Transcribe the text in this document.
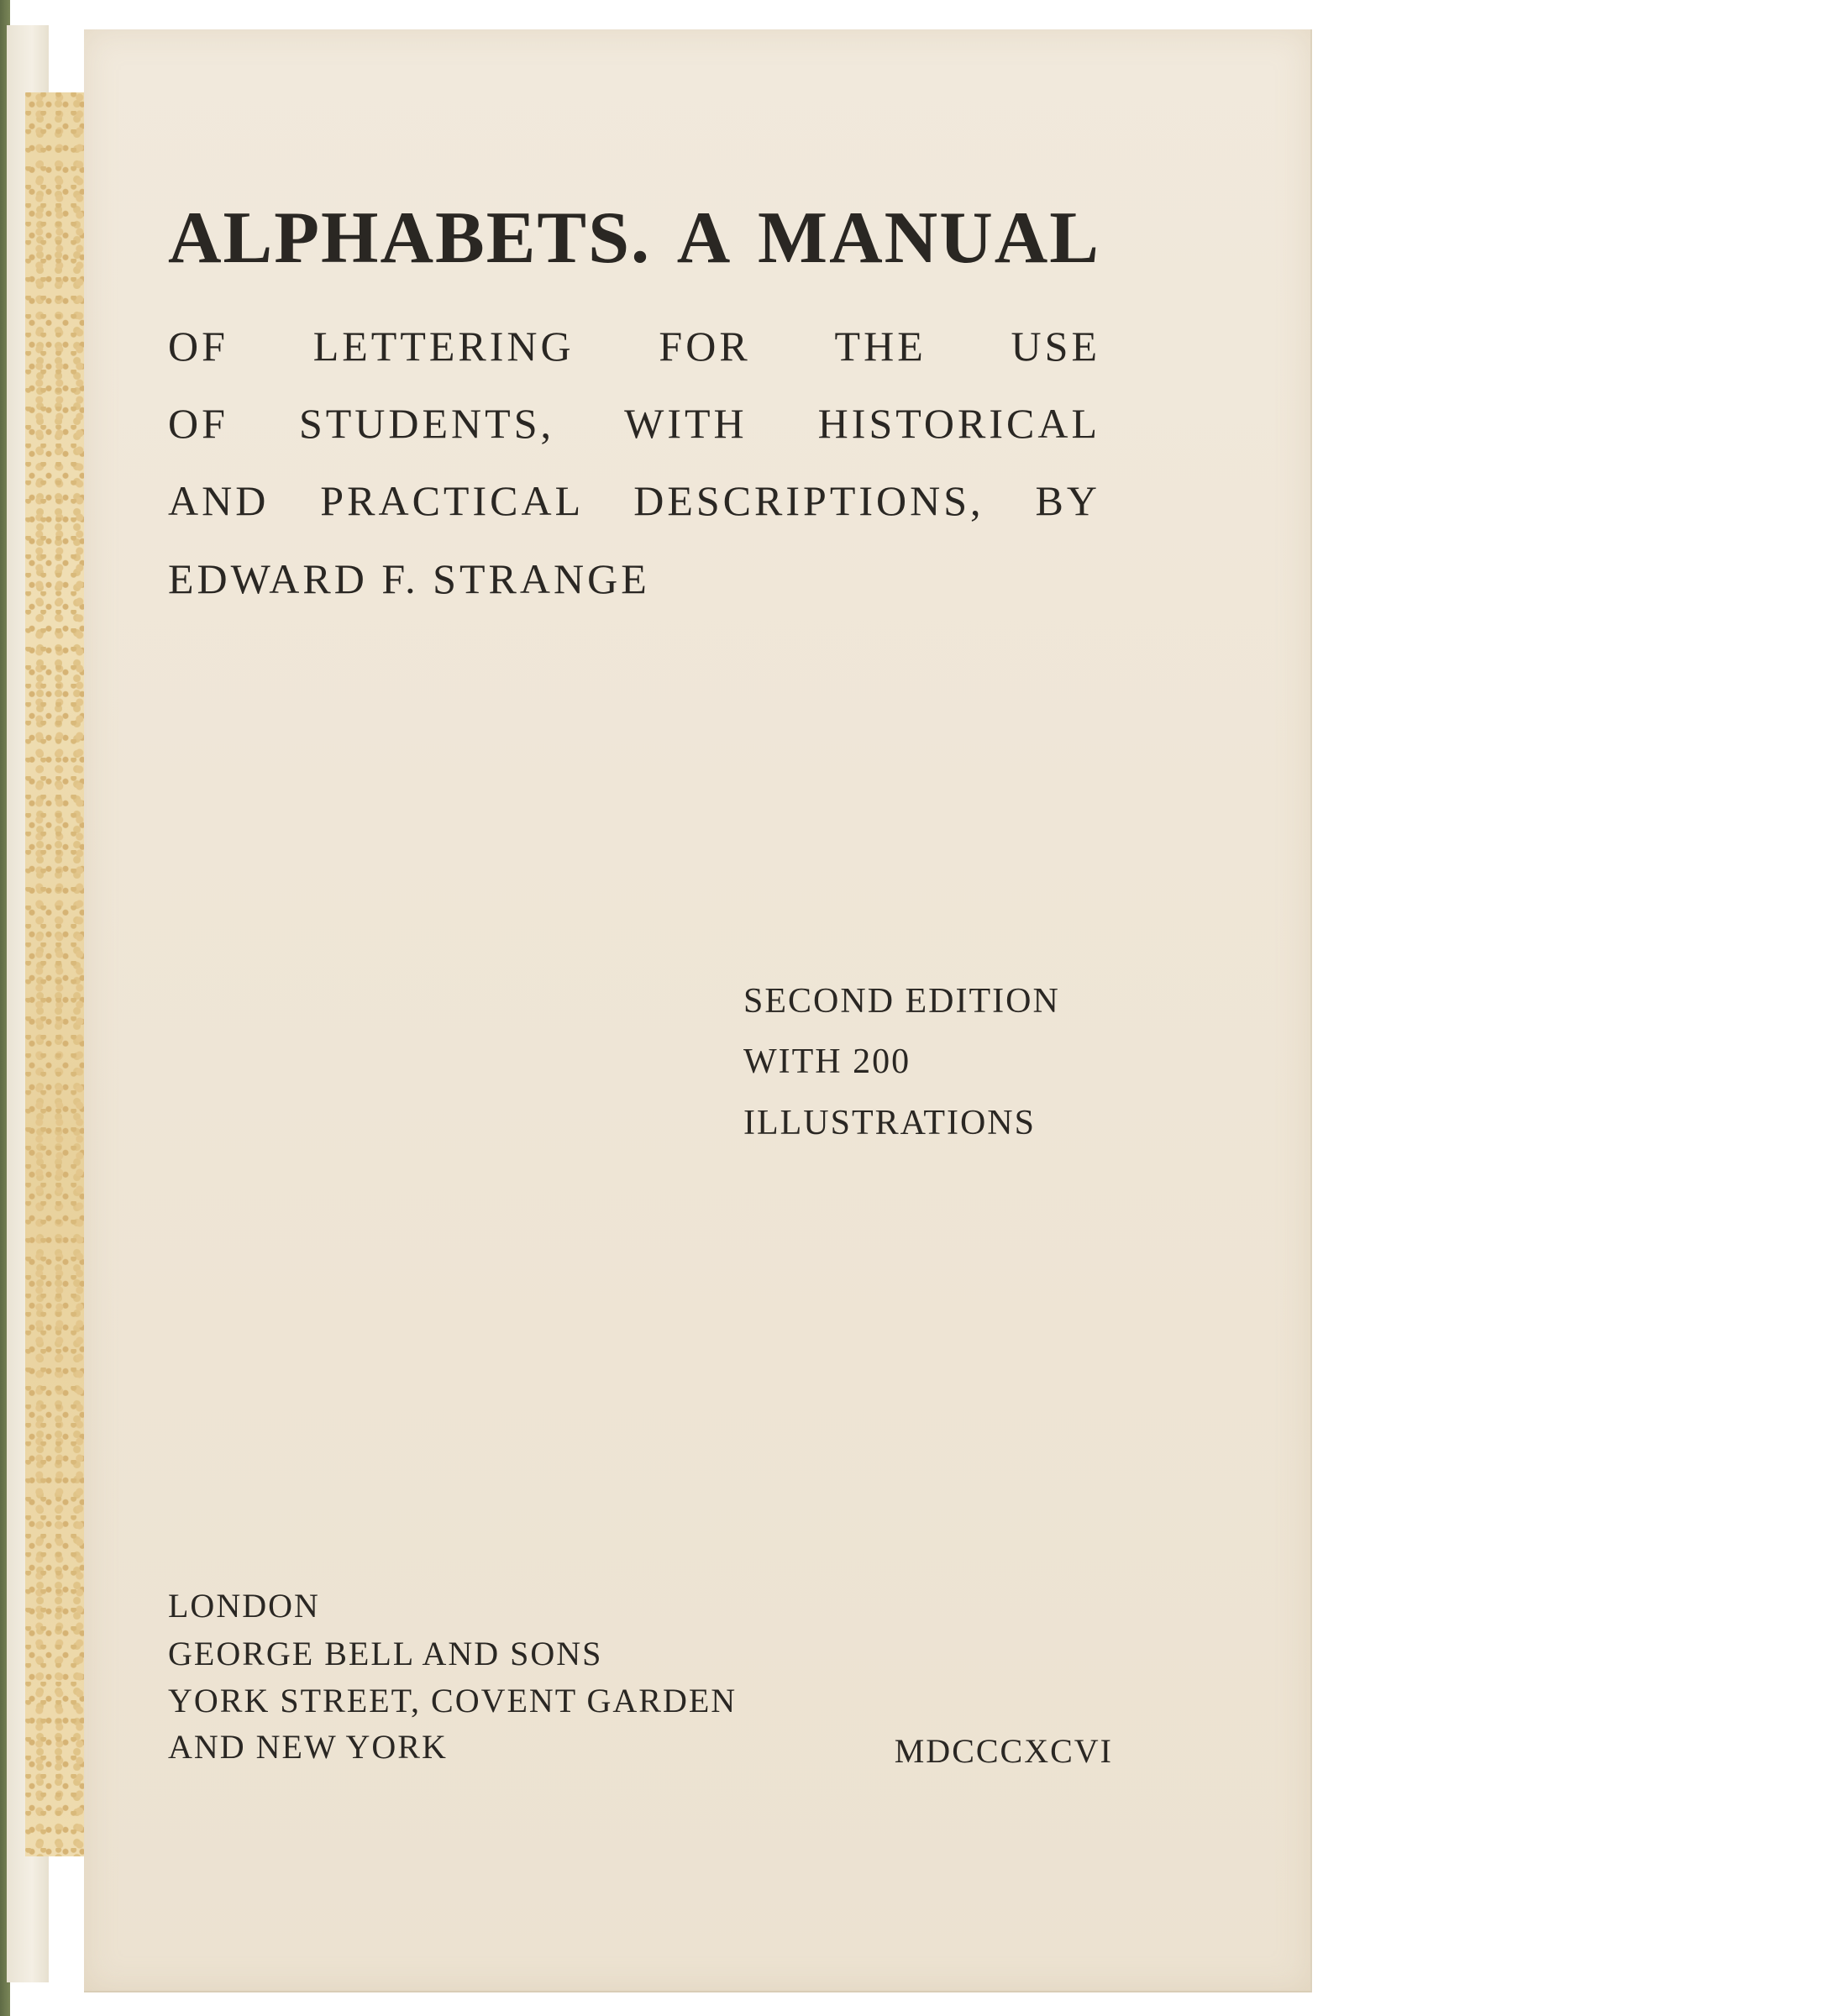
ALPHABETS. A MANUAL

OF LETTERING FOR THE USE

OF STUDENTS, WITH HISTORICAL

AND PRACTICAL DESCRIPTIONS, BY

EDWARD F. STRANGE

SECOND EDITION

WITH 200

ILLUSTRATIONS

LONDON

GEORGE BELL AND SONS

YORK STREET, COVENT GARDEN

AND NEW YORK	MDCCCXCVI
